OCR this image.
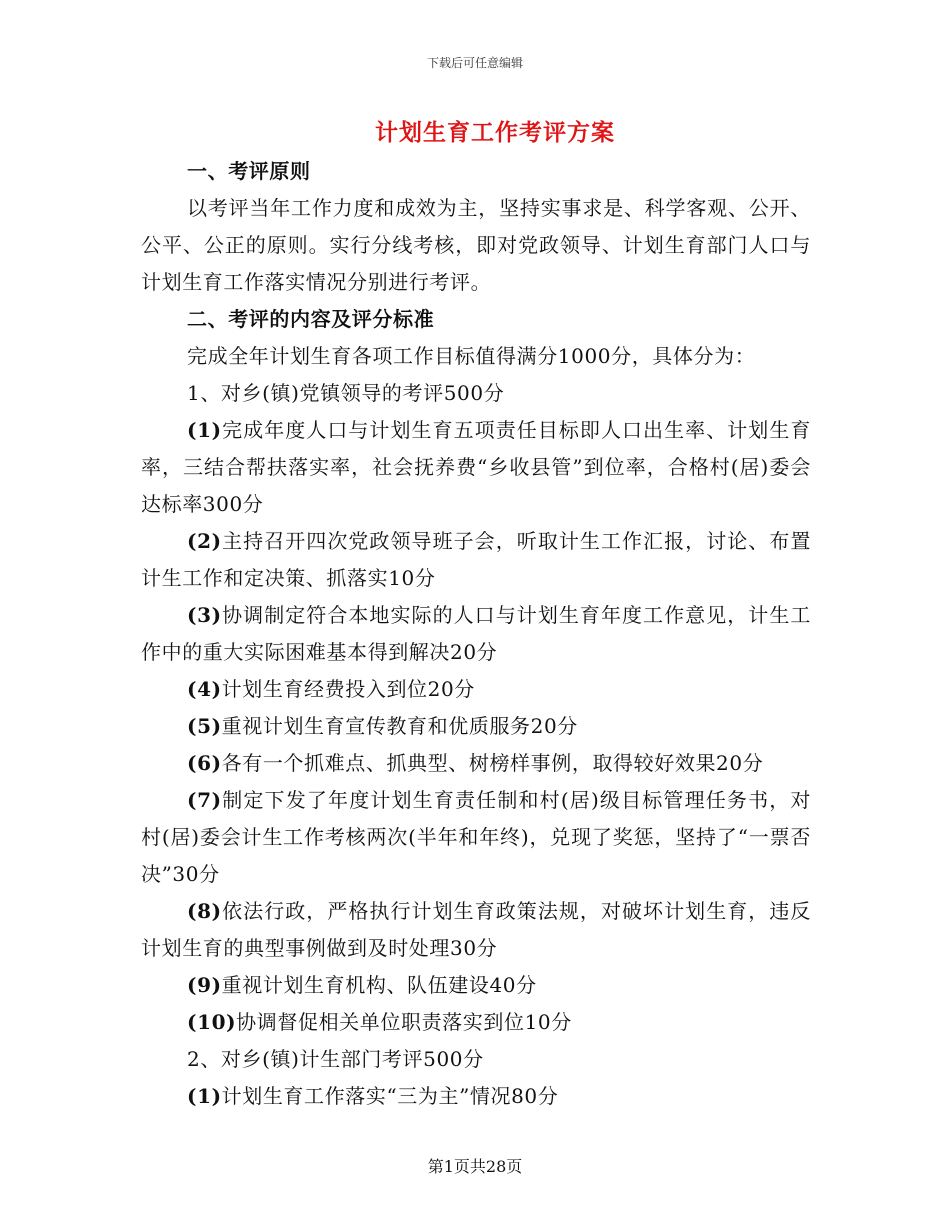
下载后可任意编辑
计划生育工作考评方案

一、考评原则

以考评当年工作力度和成效为主，坚持实事求是、科学客观、公开、公平、公正的原则。实行分线考核，即对党政领导、计划生育部门人口与计划生育工作落实情况分别进行考评。

二、考评的内容及评分标准

完成全年计划生育各项工作目标值得满分1000分，具体分为：

1、对乡(镇)党镇领导的考评500分

(1)完成年度人口与计划生育五项责任目标即人口出生率、计划生育率，三结合帮扶落实率，社会抚养费“乡收县管”到位率，合格村(居)委会达标率300分

(2)主持召开四次党政领导班子会，听取计生工作汇报，讨论、布置计生工作和定决策、抓落实10分

(3)协调制定符合本地实际的人口与计划生育年度工作意见，计生工作中的重大实际困难基本得到解决20分

(4)计划生育经费投入到位20分

(5)重视计划生育宣传教育和优质服务20分

(6)各有一个抓难点、抓典型、树榜样事例，取得较好效果20分

(7)制定下发了年度计划生育责任制和村(居)级目标管理任务书，对村(居)委会计生工作考核两次(半年和年终)，兑现了奖惩，坚持了“一票否决”30分

(8)依法行政，严格执行计划生育政策法规，对破坏计划生育，违反计划生育的典型事例做到及时处理30分

(9)重视计划生育机构、队伍建设40分

(10)协调督促相关单位职责落实到位10分

2、对乡(镇)计生部门考评500分

(1)计划生育工作落实“三为主”情况80分

第1页共28页
